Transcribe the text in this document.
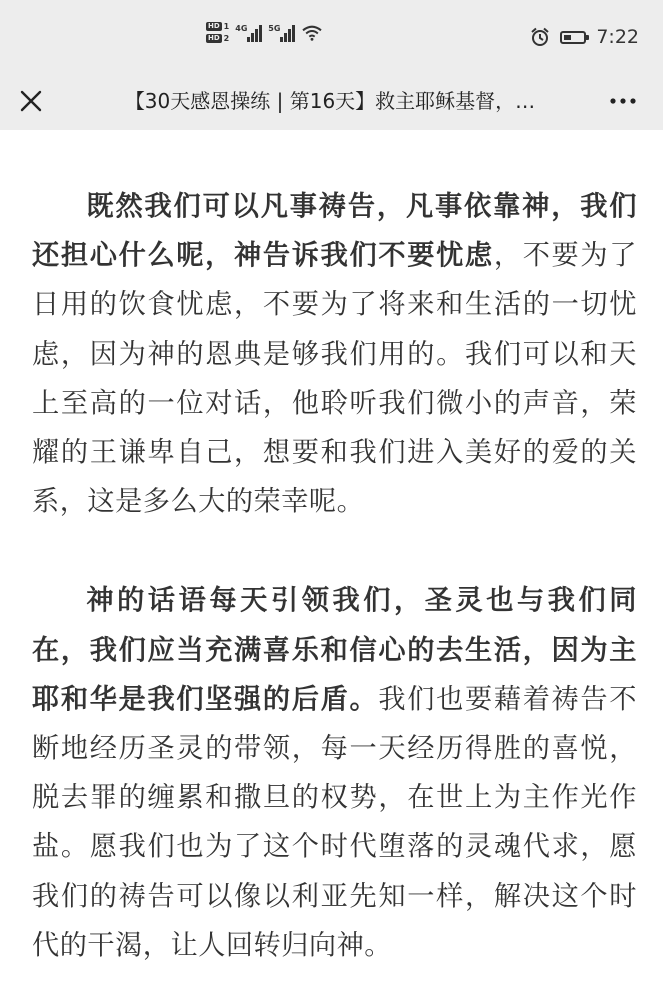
HD 1
HD 2
4G	5G	7:22
【30天感恩操练 | 第16天】救主耶稣基督，…

既然我们可以凡事祷告，凡事依靠神，我们还担心什么呢，神告诉我们不要忧虑，不要为了日用的饮食忧虑，不要为了将来和生活的一切忧虑，因为神的恩典是够我们用的。我们可以和天上至高的一位对话，他聆听我们微小的声音，荣耀的王谦卑自己，想要和我们进入美好的爱的关系，这是多么大的荣幸呢。

神的话语每天引领我们，圣灵也与我们同在，我们应当充满喜乐和信心的去生活，因为主耶和华是我们坚强的后盾。我们也要藉着祷告不断地经历圣灵的带领，每一天经历得胜的喜悦，脱去罪的缠累和撒旦的权势，在世上为主作光作盐。愿我们也为了这个时代堕落的灵魂代求，愿我们的祷告可以像以利亚先知一样，解决这个时代的干渴，让人回转归向神。
